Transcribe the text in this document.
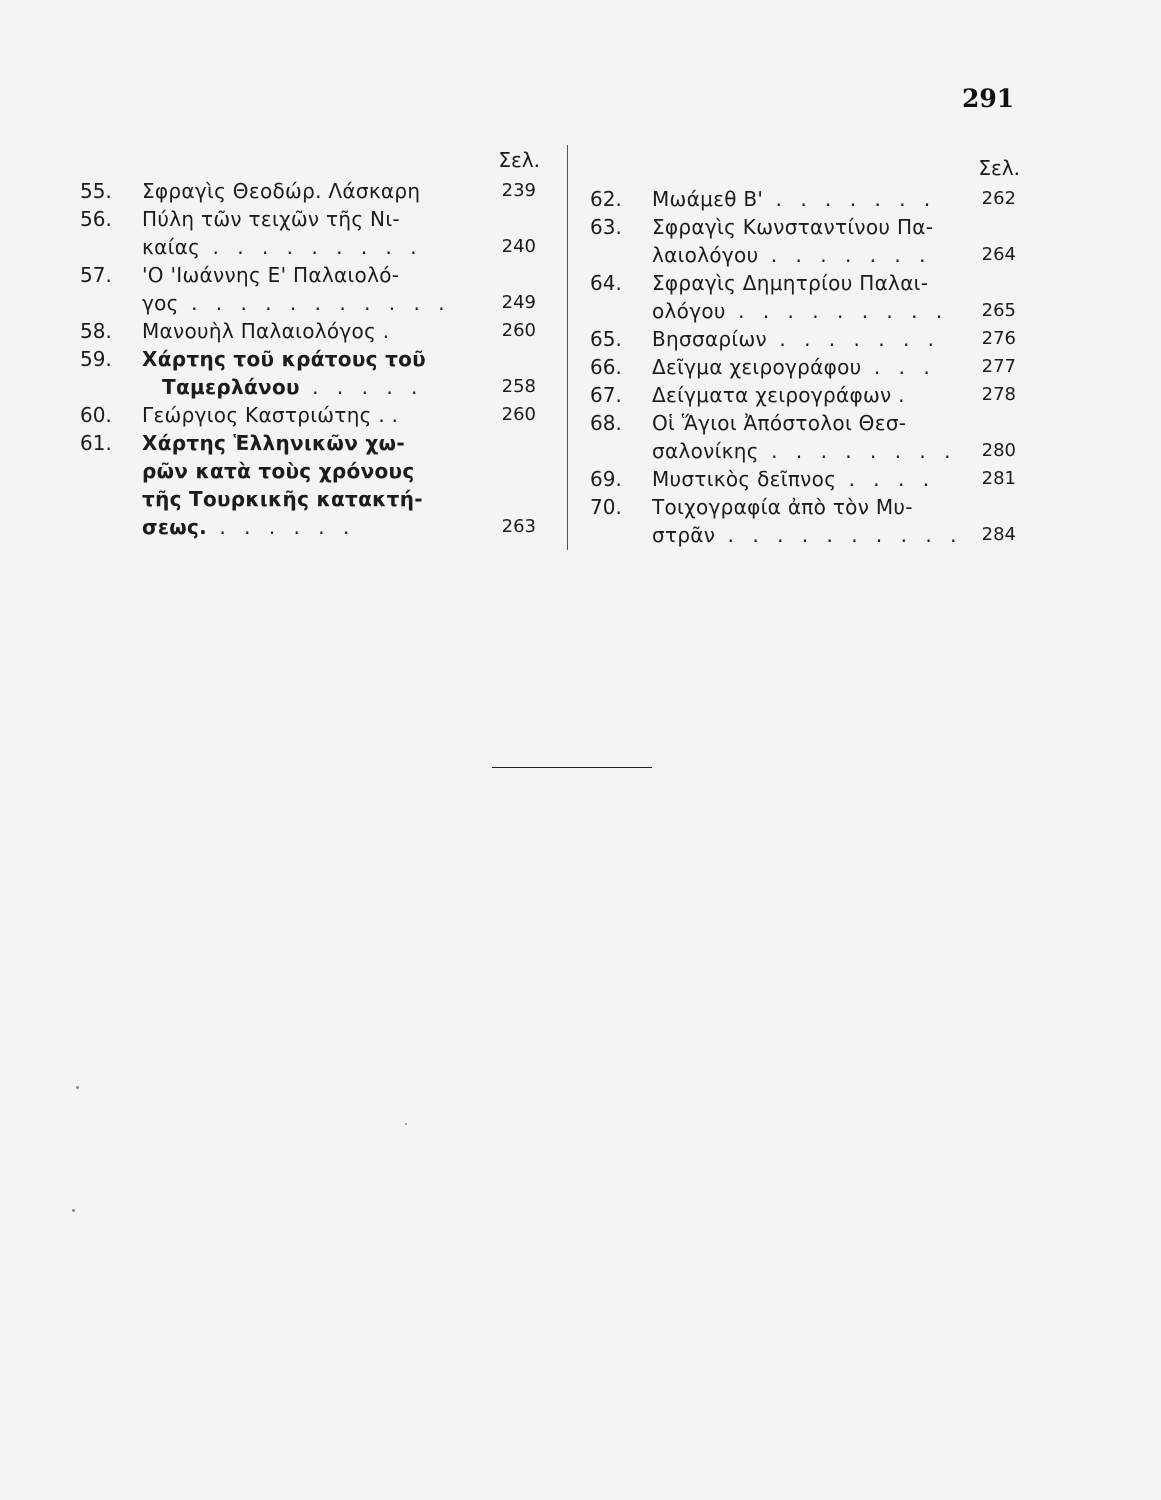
291
Σελ.
55. Σφραγὶς Θεοδώρ. Λάσκαρη	239
56. Πύλη τῶν τειχῶν τῆς Νι-
καίας . . . . . . . . .	240
57. 'Ο 'Ιωάννης Ε' Παλαιολό-
γος . . . . . . . . . . .	249
58. Μανουὴλ Παλαιολόγος .	260
59. Χάρτης τοῦ κράτους τοῦ
Ταμερλάνου . . . . .	258
60. Γεώργιος Καστριώτης . .	260
61. Χάρτης Ἑλληνικῶν χω-
ρῶν κατὰ τοὺς χρόνους
τῆς Τουρκικῆς κατακτή-
σεως. . . . . . .	263
Σελ.
62. Μωάμεθ Β' . . . . . . .	262
63. Σφραγὶς Κωνσταντίνου Πα-
λαιολόγου . . . . . . .	264
64. Σφραγὶς Δημητρίου Παλαι-
ολόγου . . . . . . . . . 265
65. Βησσαρίων . . . . . . . 276
66. Δεῖγμα χειρογράφου . . .	277
67. Δείγματα χειρογράφων .	278
68. Οἱ Ἅγιοι Ἀπόστολοι Θεσ-
σαλονίκης . . . . . . . . 280
69. Μυστικὸς δεῖπνος . . . .	281
70. Τοιχογραφία ἀπὸ τὸν Μυ-
στρᾶν . . . . . . . . . . 284
